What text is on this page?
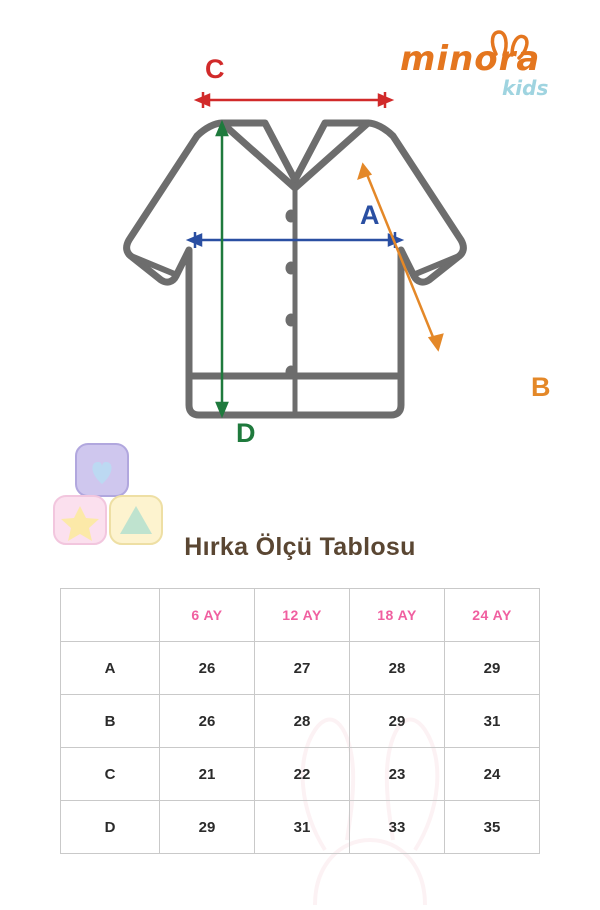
minora
kids
A
B
C
D
Hırka Ölçü Tablosu
	6 AY	12 AY	18 AY	24 AY
A	26	27	28	29
B	26	28	29	31
C	21	22	23	24
D	29	31	33	35
